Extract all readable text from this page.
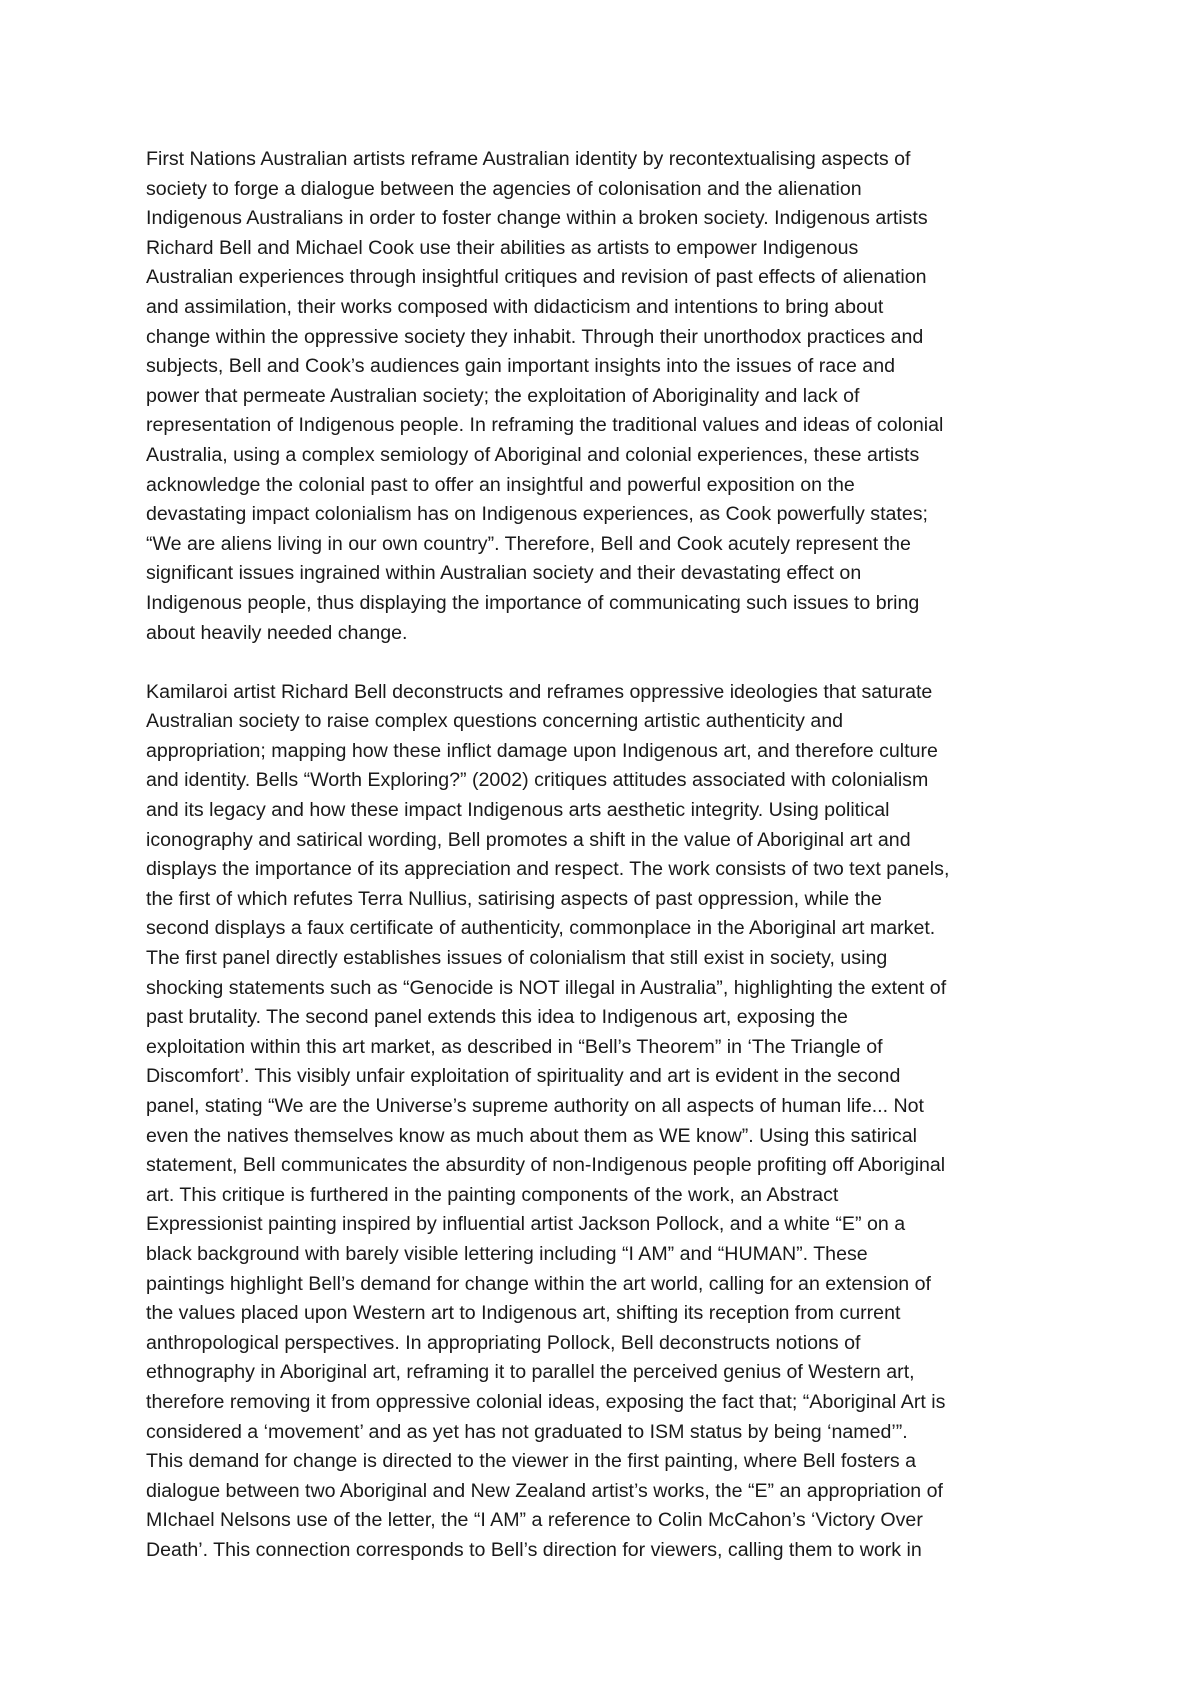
First Nations Australian artists reframe Australian identity by recontextualising aspects of
society to forge a dialogue between the agencies of colonisation and the alienation
Indigenous Australians in order to foster change within a broken society. Indigenous artists
Richard Bell and Michael Cook use their abilities as artists to empower Indigenous
Australian experiences through insightful critiques and revision of past effects of alienation
and assimilation, their works composed with didacticism and intentions to bring about
change within the oppressive society they inhabit. Through their unorthodox practices and
subjects, Bell and Cook’s audiences gain important insights into the issues of race and
power that permeate Australian society; the exploitation of Aboriginality and lack of
representation of Indigenous people. In reframing the traditional values and ideas of colonial
Australia, using a complex semiology of Aboriginal and colonial experiences, these artists
acknowledge the colonial past to offer an insightful and powerful exposition on the
devastating impact colonialism has on Indigenous experiences, as Cook powerfully states;
“We are aliens living in our own country”. Therefore, Bell and Cook acutely represent the
significant issues ingrained within Australian society and their devastating effect on
Indigenous people, thus displaying the importance of communicating such issues to bring
about heavily needed change.
Kamilaroi artist Richard Bell deconstructs and reframes oppressive ideologies that saturate
Australian society to raise complex questions concerning artistic authenticity and
appropriation; mapping how these inflict damage upon Indigenous art, and therefore culture
and identity. Bells “Worth Exploring?” (2002) critiques attitudes associated with colonialism
and its legacy and how these impact Indigenous arts aesthetic integrity. Using political
iconography and satirical wording, Bell promotes a shift in the value of Aboriginal art and
displays the importance of its appreciation and respect. The work consists of two text panels,
the first of which refutes Terra Nullius, satirising aspects of past oppression, while the
second displays a faux certificate of authenticity, commonplace in the Aboriginal art market.
The first panel directly establishes issues of colonialism that still exist in society, using
shocking statements such as “Genocide is NOT illegal in Australia”, highlighting the extent of
past brutality. The second panel extends this idea to Indigenous art, exposing the
exploitation within this art market, as described in “Bell’s Theorem” in ‘The Triangle of
Discomfort’. This visibly unfair exploitation of spirituality and art is evident in the second
panel, stating “We are the Universe’s supreme authority on all aspects of human life... Not
even the natives themselves know as much about them as WE know”. Using this satirical
statement, Bell communicates the absurdity of non-Indigenous people profiting off Aboriginal
art. This critique is furthered in the painting components of the work, an Abstract
Expressionist painting inspired by influential artist Jackson Pollock, and a white “E” on a
black background with barely visible lettering including “I AM” and “HUMAN”. These
paintings highlight Bell’s demand for change within the art world, calling for an extension of
the values placed upon Western art to Indigenous art, shifting its reception from current
anthropological perspectives. In appropriating Pollock, Bell deconstructs notions of
ethnography in Aboriginal art, reframing it to parallel the perceived genius of Western art,
therefore removing it from oppressive colonial ideas, exposing the fact that; “Aboriginal Art is
considered a ‘movement’ and as yet has not graduated to ISM status by being ‘named’”.
This demand for change is directed to the viewer in the first painting, where Bell fosters a
dialogue between two Aboriginal and New Zealand artist’s works, the “E” an appropriation of
MIchael Nelsons use of the letter, the “I AM” a reference to Colin McCahon’s ‘Victory Over
Death’. This connection corresponds to Bell’s direction for viewers, calling them to work in
